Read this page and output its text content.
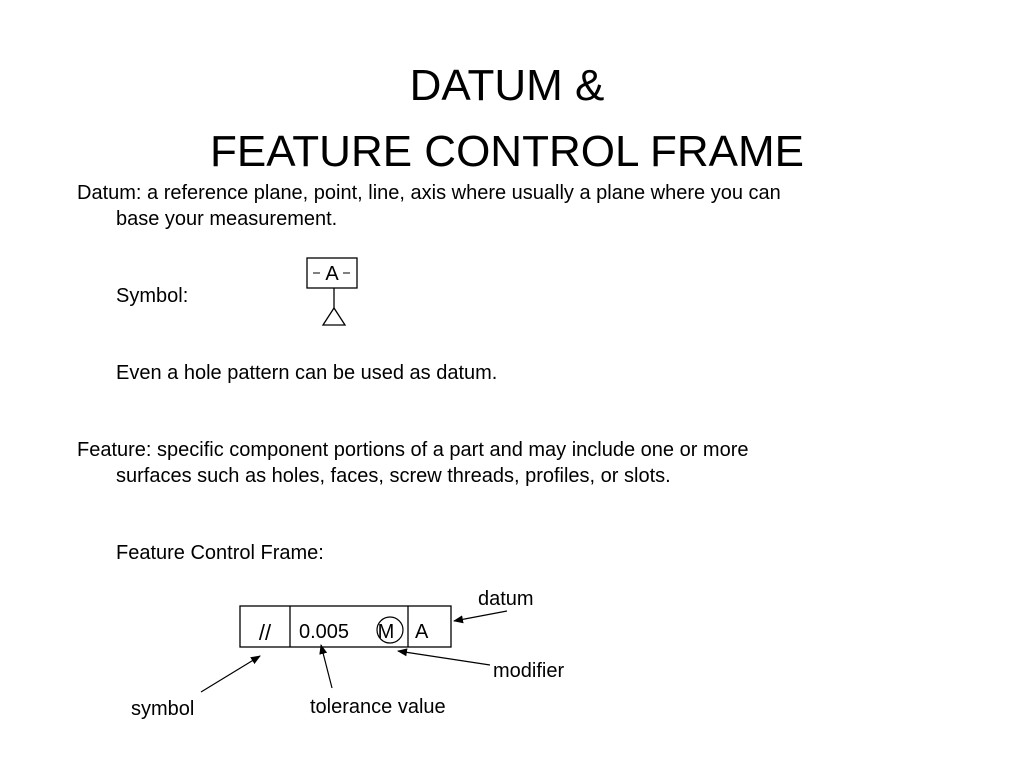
DATUM &
FEATURE CONTROL FRAME
Datum: a reference plane, point, line, axis where usually a plane where you can
base your measurement.
Symbol:
Even a hole pattern can be used as datum.
Feature: specific component portions of a part and may include one or more
surfaces such as holes, faces, screw threads, profiles, or slots.
Feature Control Frame:
A
// 0.005 M A
datum
modifier
symbol	tolerance value
